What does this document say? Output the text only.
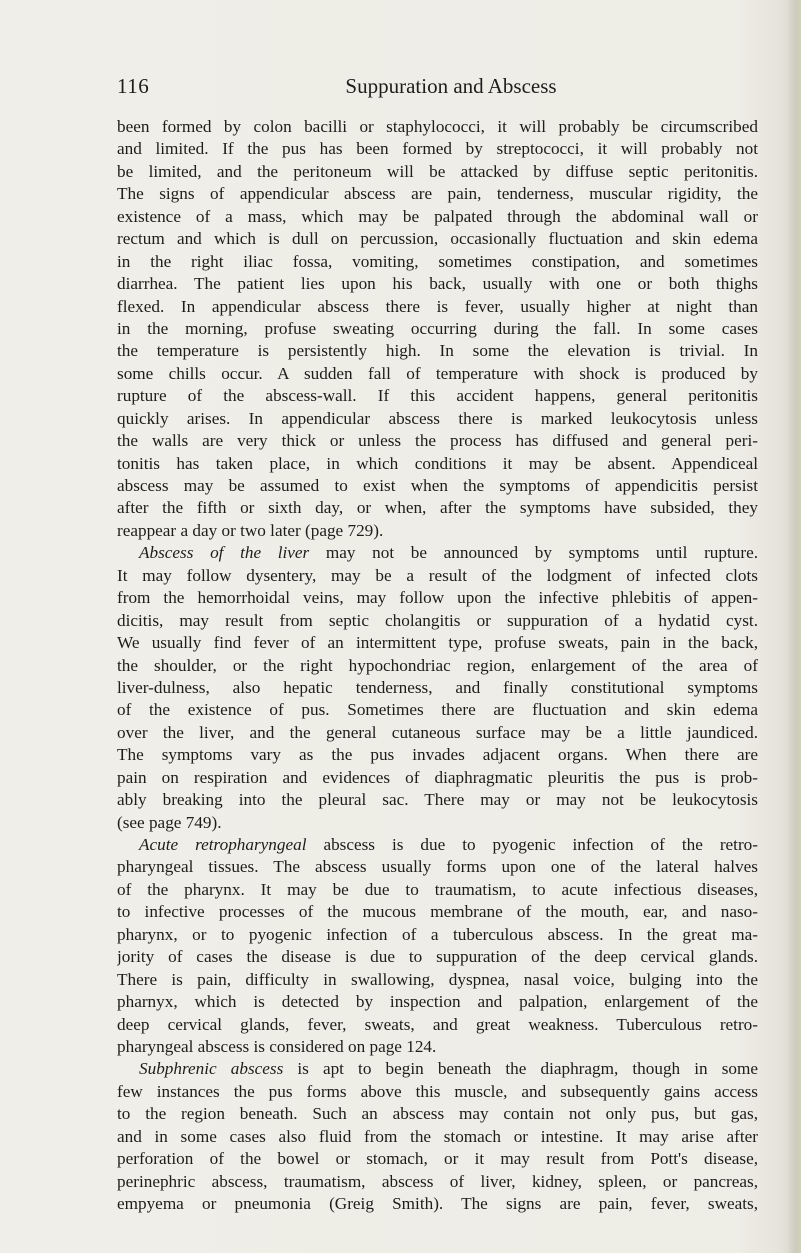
116	Suppuration and Abscess
been formed by colon bacilli or staphylococci, it will probably be circumscribed
and limited. If the pus has been formed by streptococci, it will probably not
be limited, and the peritoneum will be attacked by diffuse septic peritonitis.
The signs of appendicular abscess are pain, tenderness, muscular rigidity, the
existence of a mass, which may be palpated through the abdominal wall or
rectum and which is dull on percussion, occasionally fluctuation and skin edema
in the right iliac fossa, vomiting, sometimes constipation, and sometimes
diarrhea. The patient lies upon his back, usually with one or both thighs
flexed. In appendicular abscess there is fever, usually higher at night than
in the morning, profuse sweating occurring during the fall. In some cases
the temperature is persistently high. In some the elevation is trivial. In
some chills occur. A sudden fall of temperature with shock is produced by
rupture of the abscess-wall. If this accident happens, general peritonitis
quickly arises. In appendicular abscess there is marked leukocytosis unless
the walls are very thick or unless the process has diffused and general peri-
tonitis has taken place, in which conditions it may be absent. Appendiceal
abscess may be assumed to exist when the symptoms of appendicitis persist
after the fifth or sixth day, or when, after the symptoms have subsided, they
reappear a day or two later (page 729).
Abscess of the liver may not be announced by symptoms until rupture.
It may follow dysentery, may be a result of the lodgment of infected clots
from the hemorrhoidal veins, may follow upon the infective phlebitis of appen-
dicitis, may result from septic cholangitis or suppuration of a hydatid cyst.
We usually find fever of an intermittent type, profuse sweats, pain in the back,
the shoulder, or the right hypochondriac region, enlargement of the area of
liver-dulness, also hepatic tenderness, and finally constitutional symptoms
of the existence of pus. Sometimes there are fluctuation and skin edema
over the liver, and the general cutaneous surface may be a little jaundiced.
The symptoms vary as the pus invades adjacent organs. When there are
pain on respiration and evidences of diaphragmatic pleuritis the pus is prob-
ably breaking into the pleural sac. There may or may not be leukocytosis
(see page 749).
Acute retropharyngeal abscess is due to pyogenic infection of the retro-
pharyngeal tissues. The abscess usually forms upon one of the lateral halves
of the pharynx. It may be due to traumatism, to acute infectious diseases,
to infective processes of the mucous membrane of the mouth, ear, and naso-
pharynx, or to pyogenic infection of a tuberculous abscess. In the great ma-
jority of cases the disease is due to suppuration of the deep cervical glands.
There is pain, difficulty in swallowing, dyspnea, nasal voice, bulging into the
pharnyx, which is detected by inspection and palpation, enlargement of the
deep cervical glands, fever, sweats, and great weakness. Tuberculous retro-
pharyngeal abscess is considered on page 124.
Subphrenic abscess is apt to begin beneath the diaphragm, though in some
few instances the pus forms above this muscle, and subsequently gains access
to the region beneath. Such an abscess may contain not only pus, but gas,
and in some cases also fluid from the stomach or intestine. It may arise after
perforation of the bowel or stomach, or it may result from Pott's disease,
perinephric abscess, traumatism, abscess of liver, kidney, spleen, or pancreas,
empyema or pneumonia (Greig Smith). The signs are pain, fever, sweats,
